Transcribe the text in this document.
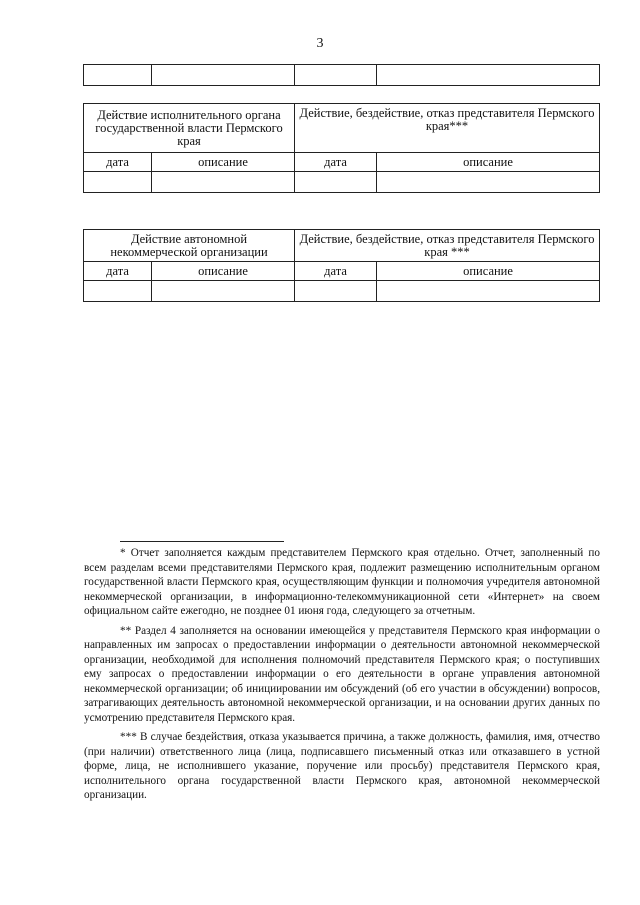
3

Действие исполнительного органа государственной власти Пермского края		Действие, бездействие, отказ представителя Пермского края***	
дата	описание	дата	описание

Действие автономной некоммерческой организации		Действие, бездействие, отказ представителя Пермского края ***	
дата	описание	дата	описание

* Отчет заполняется каждым представителем Пермского края отдельно. Отчет, заполненный по всем разделам всеми представителями Пермского края, подлежит размещению исполнительным органом государственной власти Пермского края, осуществляющим функции и полномочия учредителя автономной некоммерческой организации, в информационно-телекоммуникационной сети «Интернет» на своем официальном сайте ежегодно, не позднее 01 июня года, следующего за отчетным.

** Раздел 4 заполняется на основании имеющейся у представителя Пермского края информации о направленных им запросах о предоставлении информации о деятельности автономной некоммерческой организации, необходимой для исполнения полномочий представителя Пермского края; о поступивших ему запросах о предоставлении информации о его деятельности в органе управления автономной некоммерческой организации; об инициировании им обсуждений (об его участии в обсуждении) вопросов, затрагивающих деятельность автономной некоммерческой организации, и на основании других данных по усмотрению представителя Пермского края.

*** В случае бездействия, отказа указывается причина, а также должность, фамилия, имя, отчество (при наличии) ответственного лица (лица, подписавшего письменный отказ или отказавшего в устной форме, лица, не исполнившего указание, поручение или просьбу) представителя Пермского края, исполнительного органа государственной власти Пермского края, автономной некоммерческой организации.
